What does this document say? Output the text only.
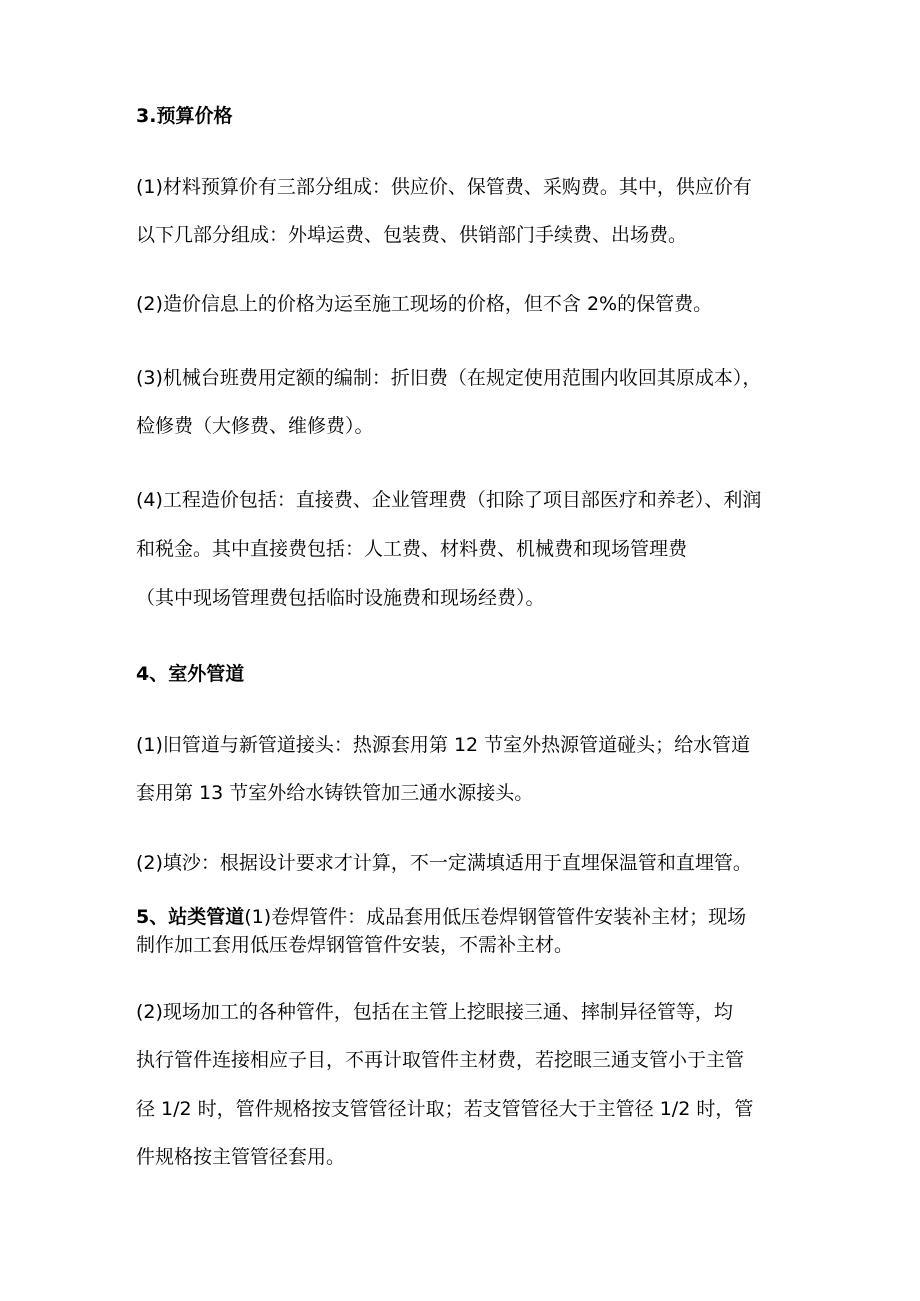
3.预算价格
(1)材料预算价有三部分组成：供应价、保管费、采购费。其中，供应价有
以下几部分组成：外埠运费、包装费、供销部门手续费、出场费。
(2)造价信息上的价格为运至施工现场的价格，但不含 2%的保管费。
(3)机械台班费用定额的编制：折旧费（在规定使用范围内收回其原成本），
检修费（大修费、维修费）。
(4)工程造价包括：直接费、企业管理费（扣除了项目部医疗和养老）、利润
和税金。其中直接费包括：人工费、材料费、机械费和现场管理费
（其中现场管理费包括临时设施费和现场经费）。
4、室外管道
(1)旧管道与新管道接头：热源套用第 12 节室外热源管道碰头；给水管道
套用第 13 节室外给水铸铁管加三通水源接头。
(2)填沙：根据设计要求才计算，不一定满填适用于直埋保温管和直埋管。
5、站类管道(1)卷焊管件：成品套用低压卷焊钢管管件安装补主材；现场
制作加工套用低压卷焊钢管管件安装，不需补主材。
(2)现场加工的各种管件，包括在主管上挖眼接三通、摔制异径管等，均
执行管件连接相应子目，不再计取管件主材费，若挖眼三通支管小于主管
径 1/2 时，管件规格按支管管径计取；若支管管径大于主管径 1/2 时，管
件规格按主管管径套用。
